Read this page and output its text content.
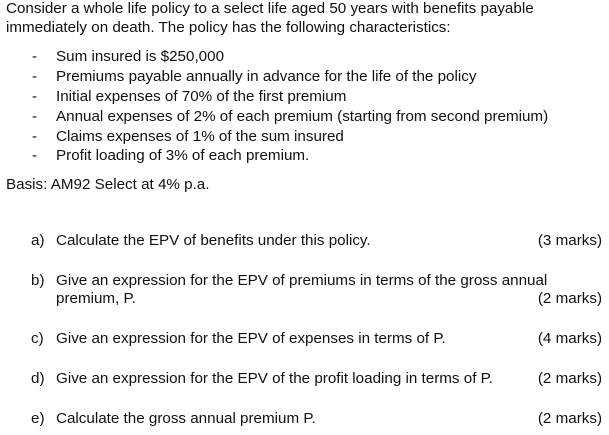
Consider a whole life policy to a select life aged 50 years with benefits payable
immediately on death. The policy has the following characteristics:
- Sum insured is $250,000
- Premiums payable annually in advance for the life of the policy
- Initial expenses of 70% of the first premium
- Annual expenses of 2% of each premium (starting from second premium)
- Claims expenses of 1% of the sum insured
- Profit loading of 3% of each premium.
Basis: AM92 Select at 4% p.a.
a) Calculate the EPV of benefits under this policy.	(3 marks)
b) Give an expression for the EPV of premiums in terms of the gross annual
premium, P.	(2 marks)
c) Give an expression for the EPV of expenses in terms of P.	(4 marks)
d) Give an expression for the EPV of the profit loading in terms of P.	(2 marks)
e) Calculate the gross annual premium P.	(2 marks)
